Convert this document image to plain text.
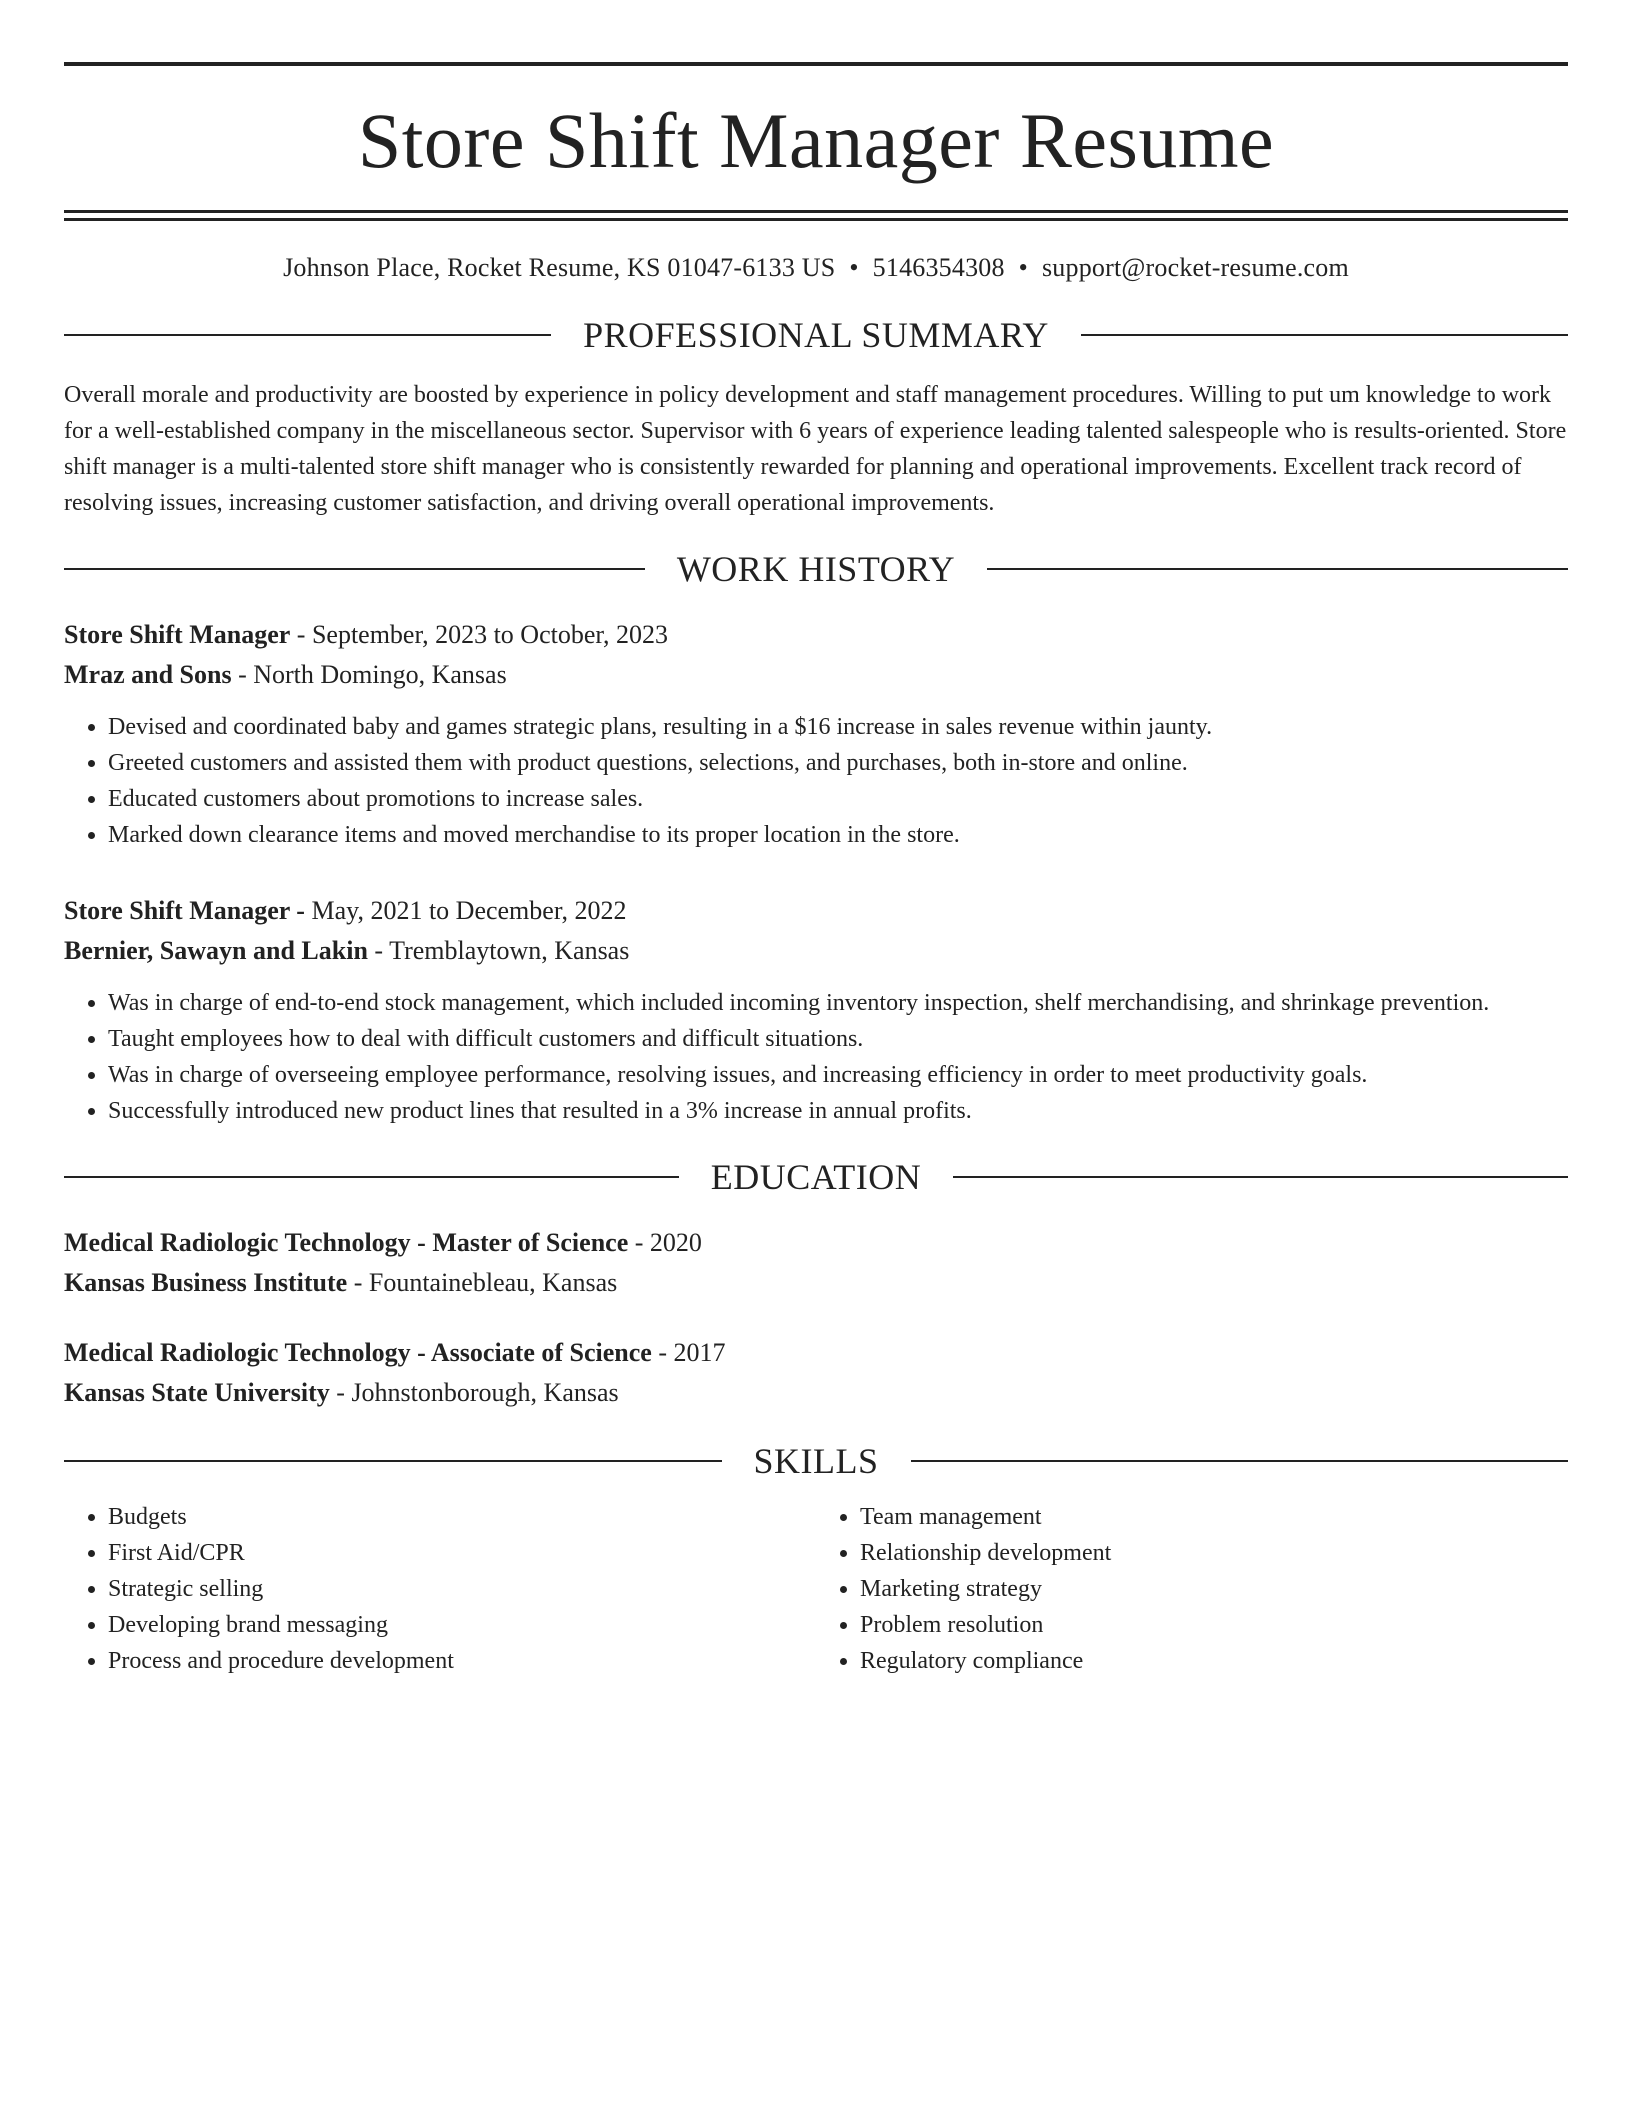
Store Shift Manager Resume
Johnson Place, Rocket Resume, KS 01047-6133 US • 5146354308 • support@rocket-resume.com
PROFESSIONAL SUMMARY
Overall morale and productivity are boosted by experience in policy development and staff management procedures. Willing to put um knowledge to work for a well-established company in the miscellaneous sector. Supervisor with 6 years of experience leading talented salespeople who is results-oriented. Store shift manager is a multi-talented store shift manager who is consistently rewarded for planning and operational improvements. Excellent track record of resolving issues, increasing customer satisfaction, and driving overall operational improvements.
WORK HISTORY
Store Shift Manager - September, 2023 to October, 2023
Mraz and Sons - North Domingo, Kansas
• Devised and coordinated baby and games strategic plans, resulting in a $16 increase in sales revenue within jaunty.
• Greeted customers and assisted them with product questions, selections, and purchases, both in-store and online.
• Educated customers about promotions to increase sales.
• Marked down clearance items and moved merchandise to its proper location in the store.
Store Shift Manager - May, 2021 to December, 2022
Bernier, Sawayn and Lakin - Tremblaytown, Kansas
• Was in charge of end-to-end stock management, which included incoming inventory inspection, shelf merchandising, and shrinkage prevention.
• Taught employees how to deal with difficult customers and difficult situations.
• Was in charge of overseeing employee performance, resolving issues, and increasing efficiency in order to meet productivity goals.
• Successfully introduced new product lines that resulted in a 3% increase in annual profits.
EDUCATION
Medical Radiologic Technology - Master of Science - 2020
Kansas Business Institute - Fountainebleau, Kansas
Medical Radiologic Technology - Associate of Science - 2017
Kansas State University - Johnstonborough, Kansas
SKILLS
• Budgets
• First Aid/CPR
• Strategic selling
• Developing brand messaging
• Process and procedure development
• Team management
• Relationship development
• Marketing strategy
• Problem resolution
• Regulatory compliance
